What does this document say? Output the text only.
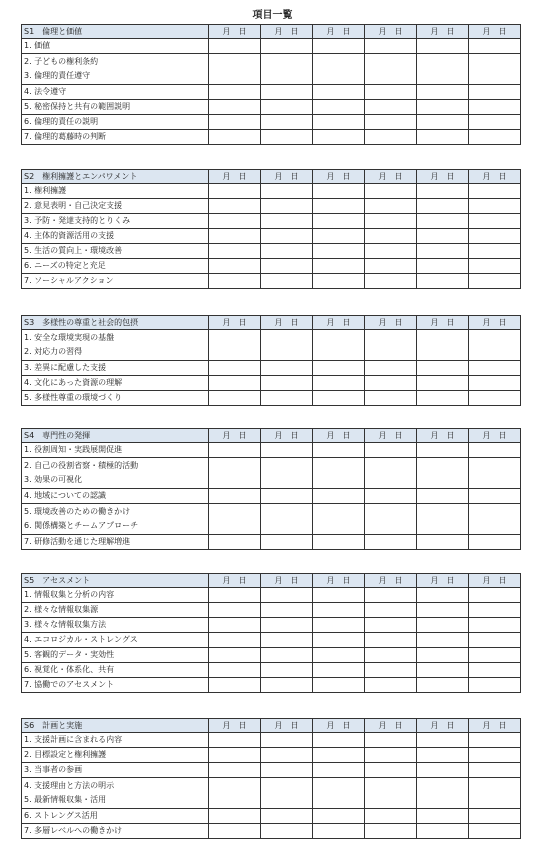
項目一覧
S1　倫理と価値	月　日	月　日	月　日	月　日	月　日	月　日
1. 価値						

2. 子どもの権利条約
3. 倫理的責任遵守						

4. 法令遵守						
5. 秘密保持と共有の範囲説明						
6. 倫理的責任の説明						
7. 倫理的葛藤時の判断						
S2　権利擁護とエンパワメント	月　日	月　日	月　日	月　日	月　日	月　日
1. 権利擁護						
2. 意見表明・自己決定支援						
3. 予防・発達支持的とりくみ						
4. 主体的資源活用の支援						
5. 生活の質向上・環境改善						
6. ニーズの特定と充足						
7. ソーシャルアクション						
S3　多様性の尊重と社会的包摂	月　日	月　日	月　日	月　日	月　日	月　日

1. 安全な環境実現の基盤
2. 対応力の習得						

3. 差異に配慮した支援						
4. 文化にあった資源の理解						
5. 多様性尊重の環境づくり						
S4　専門性の発揮	月　日	月　日	月　日	月　日	月　日	月　日
1. 役割周知・実践展開促進						

2. 自己の役割省察・積極的活動
3. 効果の可視化						

4. 地域についての認識						

5. 環境改善のための働きかけ
6. 関係構築とチームアプローチ						

7. 研修活動を通じた理解増進						
S5　アセスメント	月　日	月　日	月　日	月　日	月　日	月　日
1. 情報収集と分析の内容						
2. 様々な情報収集源						
3. 様々な情報収集方法						
4. エコロジカル・ストレングス						
5. 客観的データ・実効性						
6. 視覚化・体系化、共有						
7. 協働でのアセスメント						
S6　計画と実施	月　日	月　日	月　日	月　日	月　日	月　日
1. 支援計画に含まれる内容						
2. 目標設定と権利擁護						
3. 当事者の参画						

4. 支援理由と方法の明示
5. 最新情報収集・活用						

6. ストレングス活用						
7. 多層レベルへの働きかけ						
